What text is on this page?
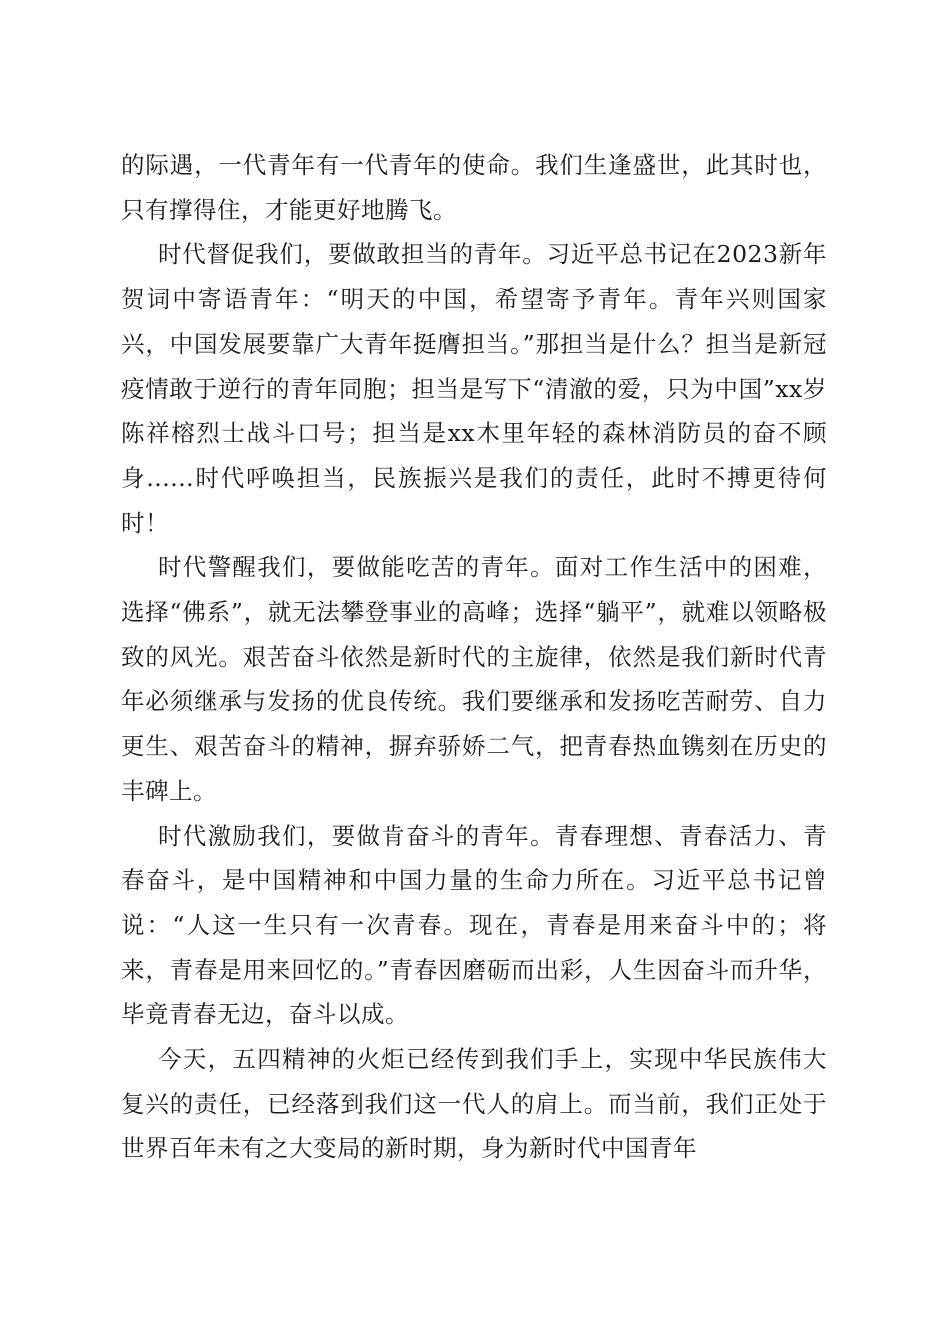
的际遇，一代青年有一代青年的使命。我们生逢盛世，此其时也，只有撑得住，才能更好地腾飞。

时代督促我们，要做敢担当的青年。习近平总书记在2023新年贺词中寄语青年：“明天的中国，希望寄予青年。青年兴则国家兴，中国发展要靠广大青年挺膺担当。”那担当是什么？担当是新冠疫情敢于逆行的青年同胞；担当是写下“清澈的爱，只为中国”xx岁陈祥榕烈士战斗口号；担当是xx木里年轻的森林消防员的奋不顾身......时代呼唤担当，民族振兴是我们的责任，此时不搏更待何时！

时代警醒我们，要做能吃苦的青年。面对工作生活中的困难，选择“佛系”，就无法攀登事业的高峰；选择“躺平”，就难以领略极致的风光。艰苦奋斗依然是新时代的主旋律，依然是我们新时代青年必须继承与发扬的优良传统。我们要继承和发扬吃苦耐劳、自力更生、艰苦奋斗的精神，摒弃骄娇二气，把青春热血镌刻在历史的丰碑上。

时代激励我们，要做肯奋斗的青年。青春理想、青春活力、青春奋斗，是中国精神和中国力量的生命力所在。习近平总书记曾说：“人这一生只有一次青春。现在，青春是用来奋斗中的；将来，青春是用来回忆的。”青春因磨砺而出彩，人生因奋斗而升华，毕竟青春无边，奋斗以成。

今天，五四精神的火炬已经传到我们手上，实现中华民族伟大复兴的责任，已经落到我们这一代人的肩上。而当前，我们正处于世界百年未有之大变局的新时期，身为新时代中国青年
